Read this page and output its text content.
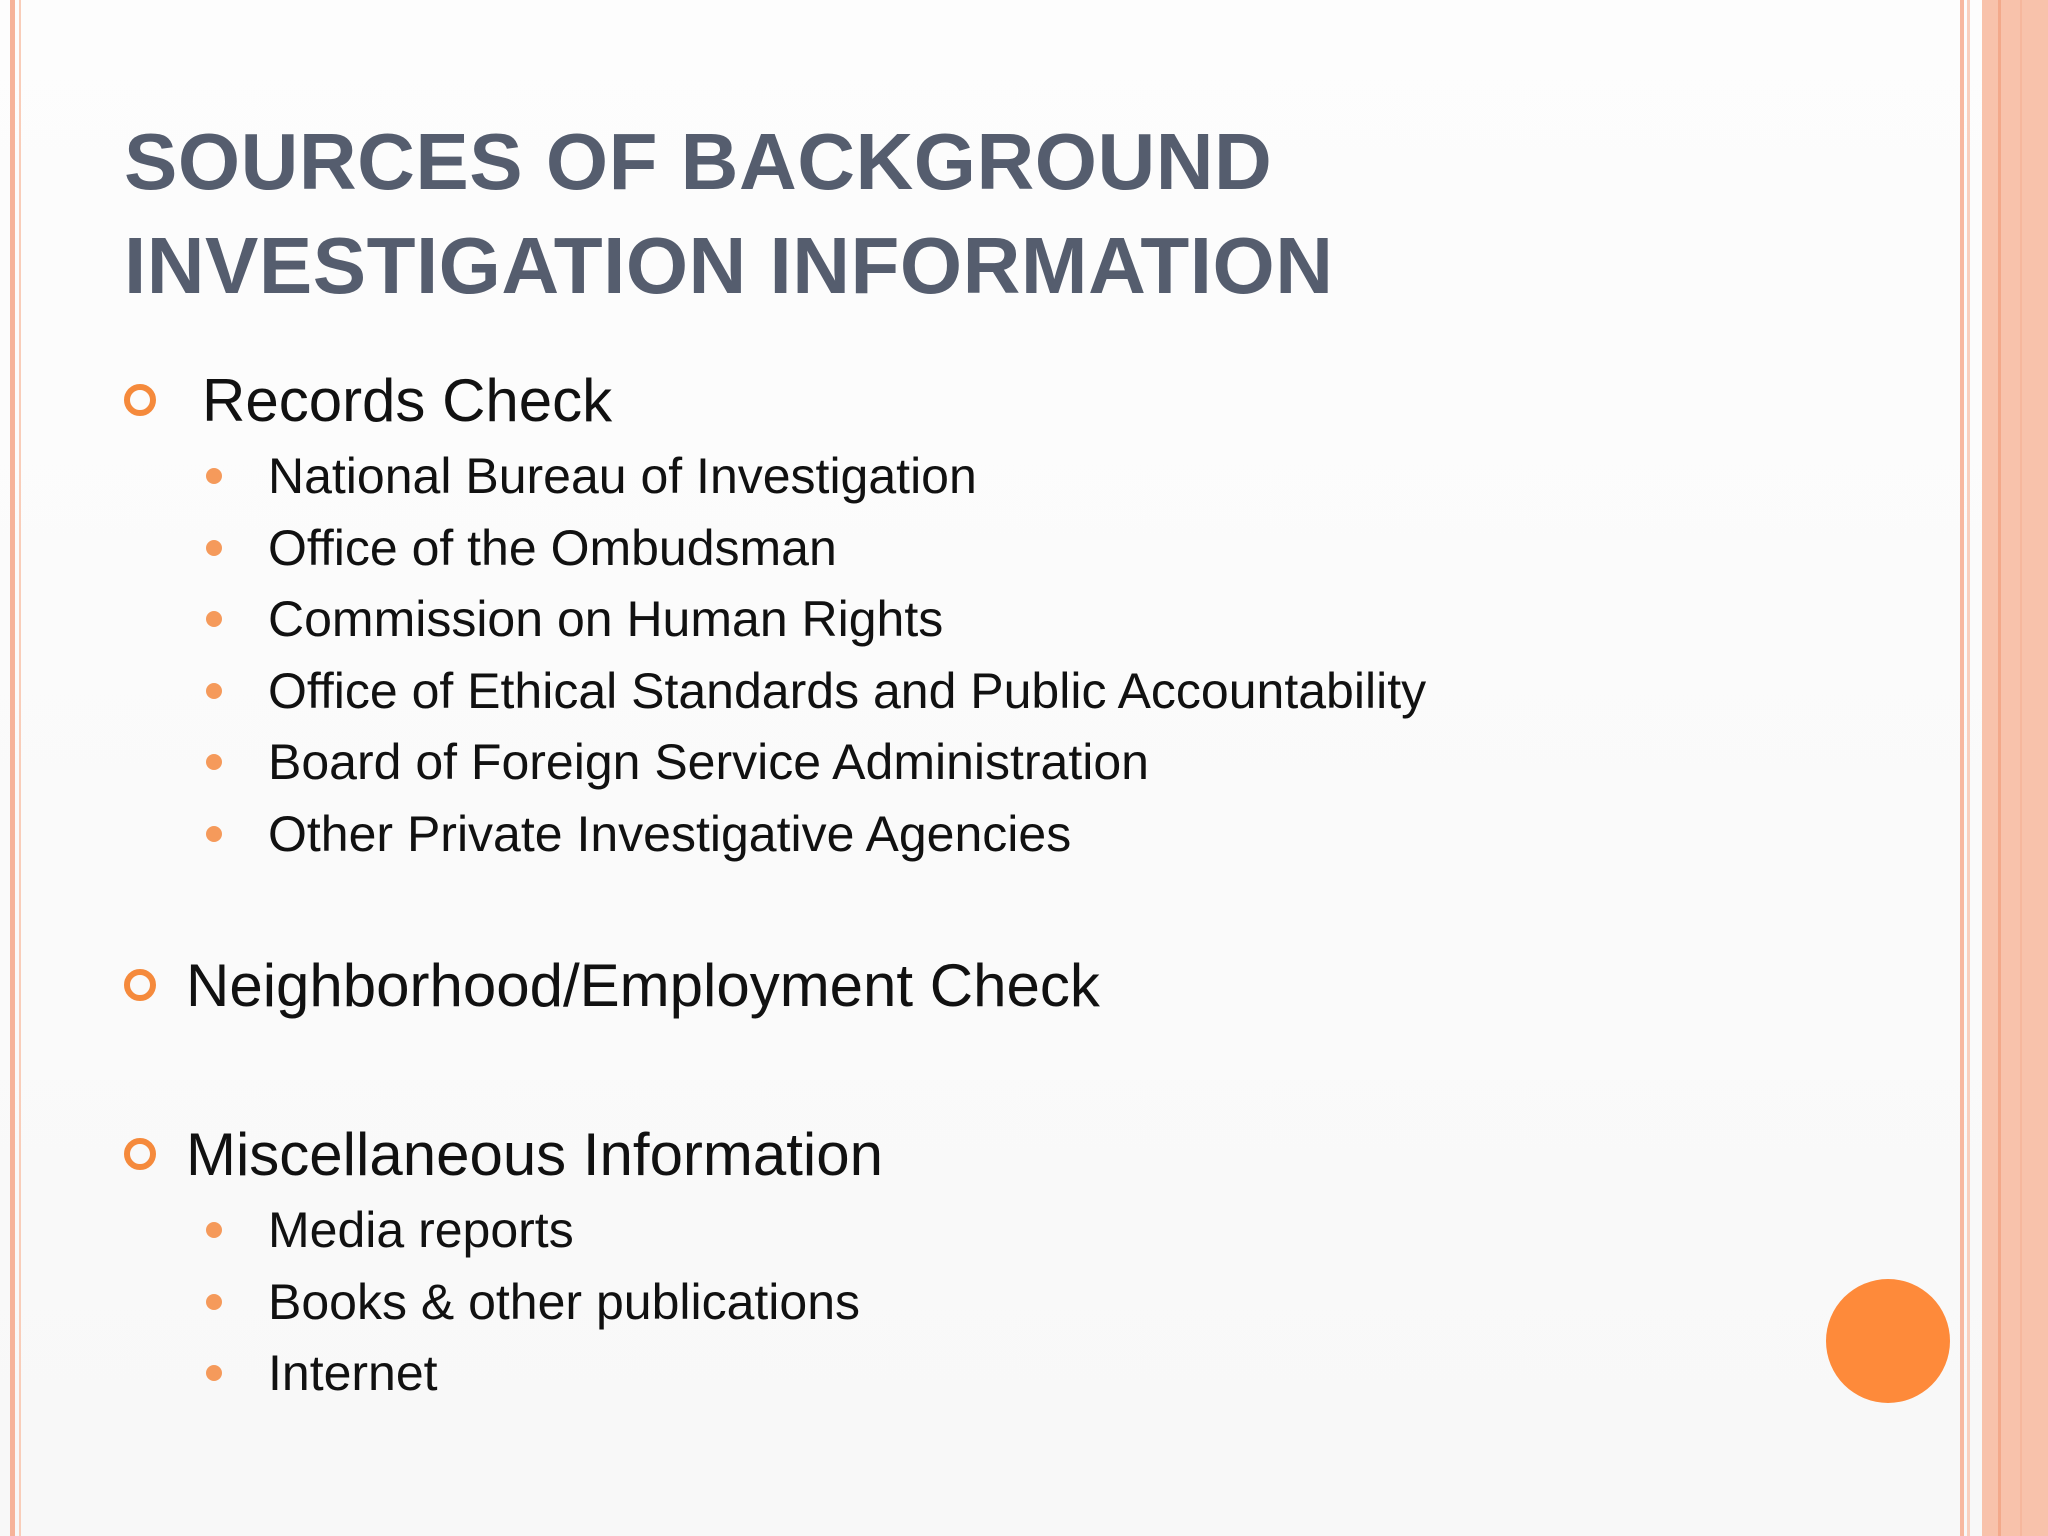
SOURCES OF BACKGROUND
INVESTIGATION INFORMATION
Records Check
National Bureau of Investigation
Office of the Ombudsman
Commission on Human Rights
Office of Ethical Standards and Public Accountability
Board of Foreign Service Administration
Other Private Investigative Agencies
Neighborhood/Employment Check
Miscellaneous Information
Media reports
Books & other publications
Internet
